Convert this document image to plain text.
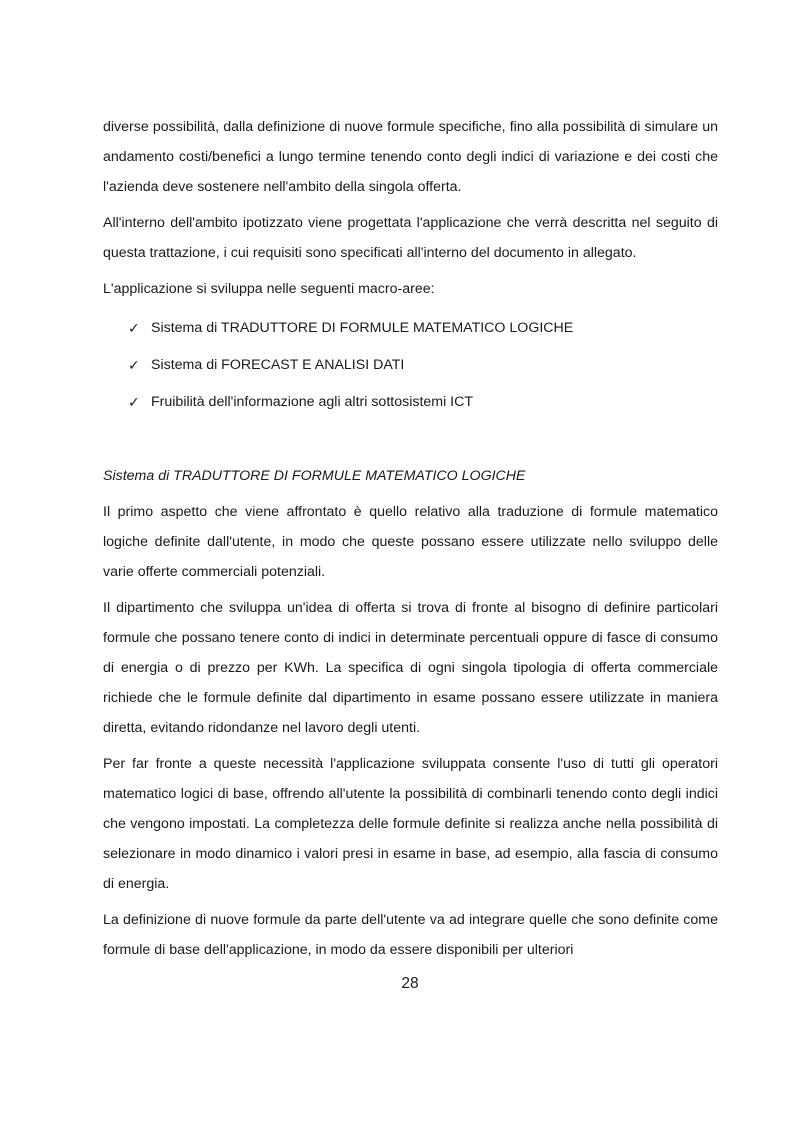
diverse possibilità, dalla definizione di nuove formule specifiche, fino alla possibilità di simulare un andamento costi/benefici a lungo termine tenendo conto degli indici di variazione e dei costi che l'azienda deve sostenere nell'ambito della singola offerta.

All'interno dell'ambito ipotizzato viene progettata l'applicazione che verrà descritta nel seguito di questa trattazione, i cui requisiti sono specificati all'interno del documento in allegato.

L'applicazione si sviluppa nelle seguenti macro-aree:

✓ Sistema di TRADUTTORE DI FORMULE MATEMATICO LOGICHE
✓ Sistema di FORECAST E ANALISI DATI
✓ Fruibilità dell'informazione agli altri sottosistemi ICT

Sistema di TRADUTTORE DI FORMULE MATEMATICO LOGICHE

Il primo aspetto che viene affrontato è quello relativo alla traduzione di formule matematico logiche definite dall'utente, in modo che queste possano essere utilizzate nello sviluppo delle varie offerte commerciali potenziali.

Il dipartimento che sviluppa un'idea di offerta si trova di fronte al bisogno di definire particolari formule che possano tenere conto di indici in determinate percentuali oppure di fasce di consumo di energia o di prezzo per KWh. La specifica di ogni singola tipologia di offerta commerciale richiede che le formule definite dal dipartimento in esame possano essere utilizzate in maniera diretta, evitando ridondanze nel lavoro degli utenti.

Per far fronte a queste necessità l'applicazione sviluppata consente l'uso di tutti gli operatori matematico logici di base, offrendo all'utente la possibilità di combinarli tenendo conto degli indici che vengono impostati. La completezza delle formule definite si realizza anche nella possibilità di selezionare in modo dinamico i valori presi in esame in base, ad esempio, alla fascia di consumo di energia.

La definizione di nuove formule da parte dell'utente va ad integrare quelle che sono definite come formule di base dell'applicazione, in modo da essere disponibili per ulteriori

28
